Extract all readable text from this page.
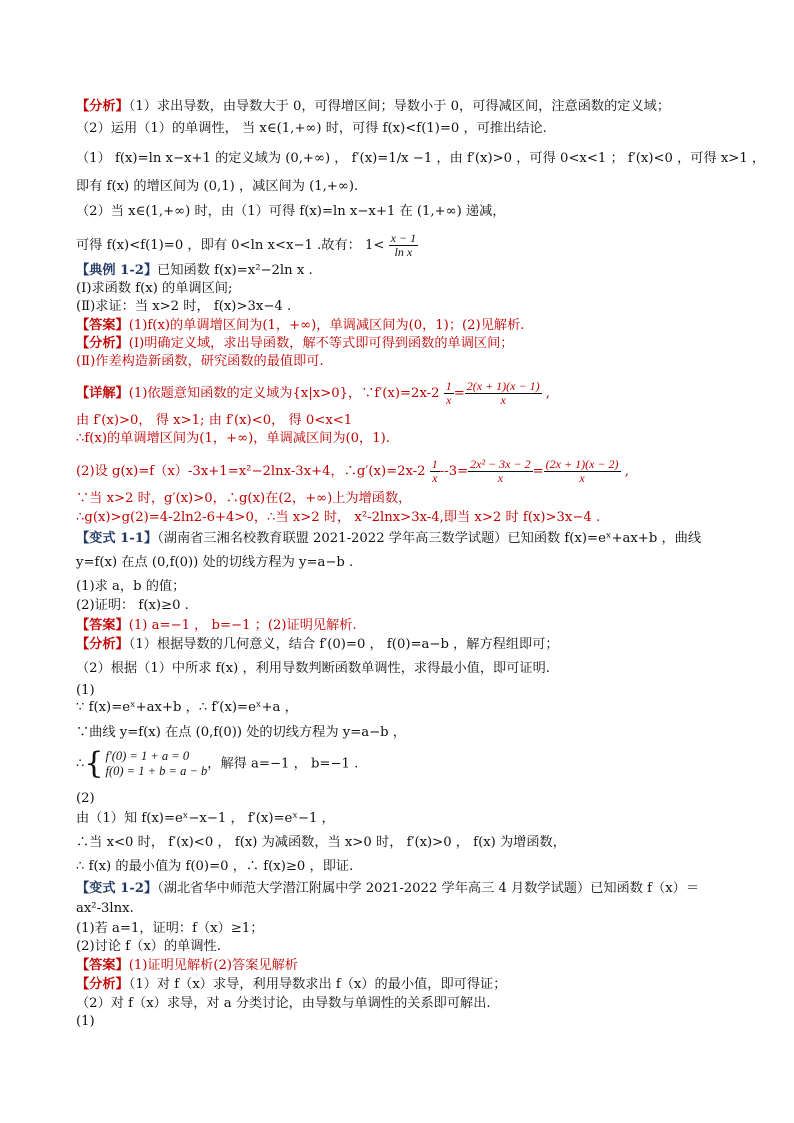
【分析】（1）求出导数，由导数大于 0，可得增区间；导数小于 0，可得减区间，注意函数的定义域；
（2）运用（1）的单调性， 当 x∈(1,+∞) 时，可得 f(x)<f(1)=0 ，可推出结论.
（1） f(x)=ln x−x+1 的定义域为 (0,+∞) ， f′(x)=1/x −1 ，由 f′(x)>0 ，可得 0<x<1 ； f′(x)<0 ，可得 x>1 ，
即有 f(x) 的增区间为 (0,1) ，减区间为 (1,+∞).
（2）当 x∈(1,+∞) 时，由（1）可得 f(x)=ln x−x+1 在 (1,+∞) 递减，
可得 f(x)<f(1)=0 ，即有 0<ln x<x−1 .故有： $1< \frac{x - 1}{\text{ln x}}$
【典例 1-2】已知函数 f(x)=x²−2ln x .
(Ⅰ)求函数 f(x) 的单调区间;
(Ⅱ)求证：当 x>2 时， f(x)>3x−4 .
【答案】(1)f(x)的单调增区间为(1，+∞)，单调减区间为(0，1)；(2)见解析.
【分析】(Ⅰ)明确定义域，求出导函数，解不等式即可得到函数的单调区间；
(Ⅱ)作差构造新函数，研究函数的最值即可.
【详解】(1)依题意知函数的定义域为{x|x>0}，∵f′(x)=2x-2 $\frac{1}{x} = \frac{2(x + 1)(x - 1)}{x}$ ,
由 f′(x)>0， 得 x>1; 由 f′(x)<0， 得 0<x<1
∴f(x)的单调增区间为(1，+∞)，单调减区间为(0，1).
(2)设 g(x)=f（x）-3x+1=x²−2lnx-3x+4，∴g′(x)=2x-2 $\frac{1}{x} --3= \frac{\text{2x² − 3x − 2}}{x} = \frac{(2x + 1)(x - 2)}{x}$ ,
∵当 x>2 时，g′(x)>0，∴g(x)在(2，+∞)上为增函数，
∴g(x)>g(2)=4-2ln2-6+4>0，∴当 x>2 时， x²-2lnx>3x-4,即当 x>2 时 f(x)>3x−4 .
【变式 1-1】（湖南省三湘名校教育联盟 2021-2022 学年高三数学试题）已知函数 f(x)=eˣ+ax+b ，曲线
y=f(x) 在点 (0,f(0)) 处的切线方程为 y=a−b .
(1)求 a，b 的值；
(2)证明： f(x)≥0 .
【答案】(1) a=−1 ， b=−1 ；(2)证明见解析.
【分析】（1）根据导数的几何意义，结合 f′(0)=0 ， f(0)=a−b ，解方程组即可；
（2）根据（1）中所求 f(x) ，利用导数判断函数单调性，求得最小值，即可证明.
(1)
∵ f(x)=eˣ+ax+b ，∴ f′(x)=eˣ+a ，
∵曲线 y=f(x) 在点 (0,f(0)) 处的切线方程为 y=a−b ，
∴{ f′(0) = 1 + a = 0
f(0) = 1 + b = a − b ，解得 a=−1 ， b=−1 .
(2)
由（1）知 f(x)=eˣ−x−1 ， f′(x)=eˣ−1 ，
∴当 x<0 时， f′(x)<0 ， f(x) 为减函数，当 x>0 时， f′(x)>0 ， f(x) 为增函数，
∴ f(x) 的最小值为 f(0)=0 ，∴ f(x)≥0 ，即证.
【变式 1-2】（湖北省华中师范大学潜江附属中学 2021-2022 学年高三 4 月数学试题）已知函数 f（x）＝
ax²-3lnx.
(1)若 a=1，证明：f（x）≥1；
(2)讨论 f（x）的单调性.
【答案】(1)证明见解析(2)答案见解析
【分析】（1）对 f（x）求导，利用导数求出 f（x）的最小值，即可得证；
（2）对 f（x）求导，对 a 分类讨论，由导数与单调性的关系即可解出.
(1)
